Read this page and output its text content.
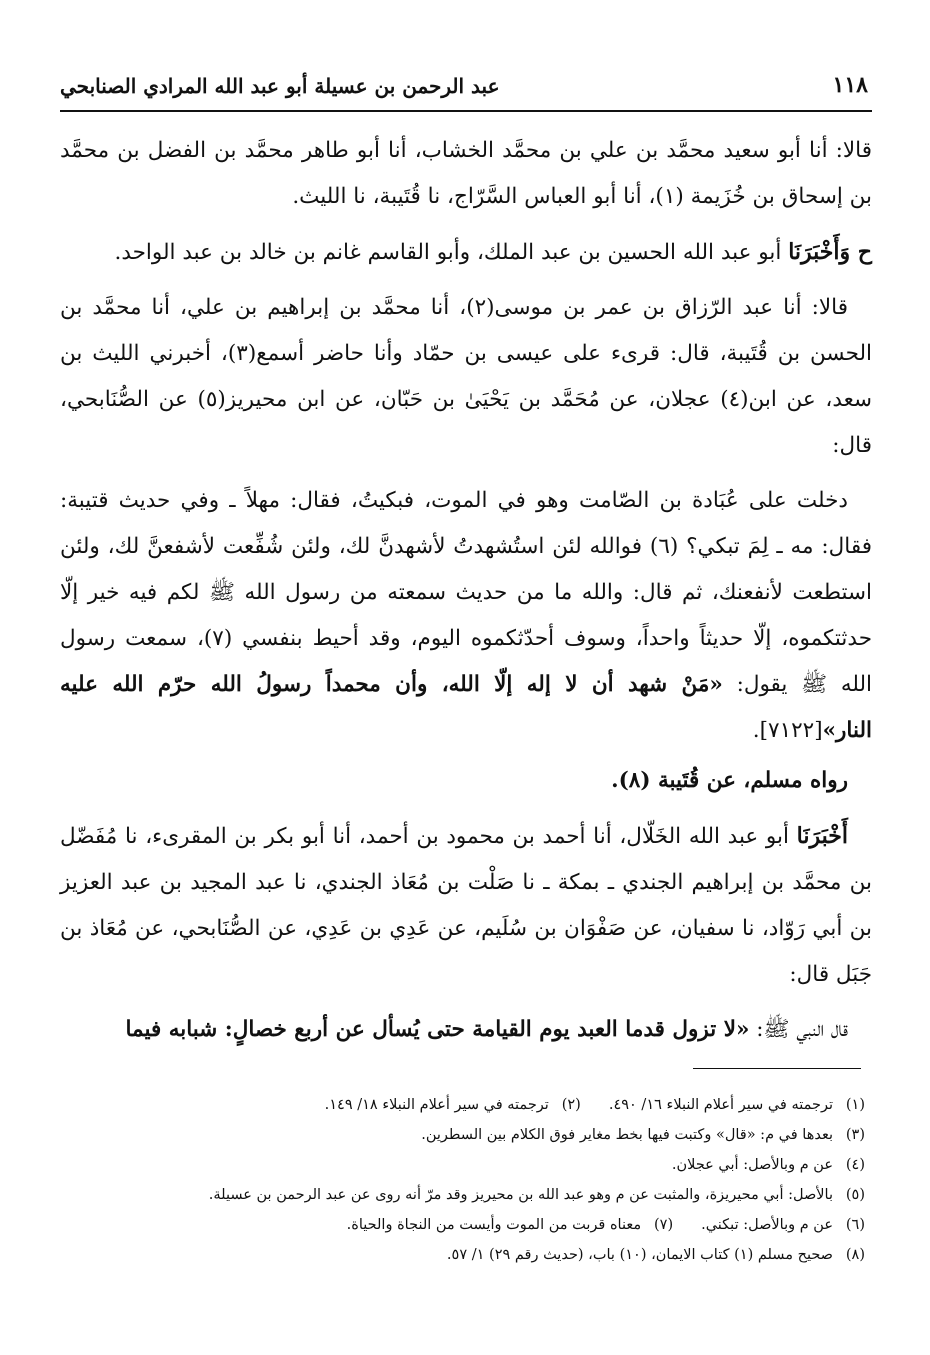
١١٨
عبد الرحمن بن عسيلة أبو عبد الله المرادي الصنابحي

قالا: أنا أبو سعيد محمَّد بن علي بن محمَّد الخشاب، أنا أبو طاهر محمَّد بن الفضل بن محمَّد بن إسحاق بن خُزَيمة (١)، أنا أبو العباس السَّرّاج، نا قُتَيبة، نا الليث.

ح وَأَخْبَرَنَا أبو عبد الله الحسين بن عبد الملك، وأبو القاسم غانم بن خالد بن عبد الواحد.

قالا: أنا عبد الرّزاق بن عمر بن موسى(٢)، أنا محمَّد بن إبراهيم بن علي، أنا محمَّد بن الحسن بن قُتَيبة، قال: قرىء على عيسى بن حمّاد وأنا حاضر أسمع(٣)، أخبرني الليث بن سعد، عن ابن(٤) عجلان، عن مُحَمَّد بن يَحْيَىٰ بن حَبّان، عن ابن محيريز(٥) عن الصُّنَابحي، قال:

دخلت على عُبَادة بن الصّامت وهو في الموت، فبكيتُ، فقال: مهلاً ـ وفي حديث قتيبة: فقال: مه ـ لِمَ تبكي؟ (٦) فوالله لئن استُشهدتُ لأشهدنَّ لك، ولئن شُفِّعت لأشفعنَّ لك، ولئن استطعت لأنفعنك، ثم قال: والله ما من حديث سمعته من رسول الله ﷺ لكم فيه خير إلّا حدثتكموه، إلّا حديثاً واحداً، وسوف أحدّثكموه اليوم، وقد أحيط بنفسي (٧)، سمعت رسول الله ﷺ يقول: «مَنْ شهد أن لا إله إلّا الله، وأن محمداً رسولُ الله حرّم الله عليه النار»[٧١٢٢].

رواه مسلم، عن قُتَيبة (٨).

أَخْبَرَنَا أبو عبد الله الخَلّال، أنا أحمد بن محمود بن أحمد، أنا أبو بكر بن المقرىء، نا مُفَضّل بن محمَّد بن إبراهيم الجندي ـ بمكة ـ نا صَلْت بن مُعَاذ الجندي، نا عبد المجيد بن عبد العزيز بن أبي رَوّاد، نا سفيان، عن صَفْوَان بن سُلَيم، عن عَدِي بن عَدِي، عن الصُّنَابحي، عن مُعَاذ بن جَبَل قال:

قال النبي ﷺ: «لا تزول قدما العبد يوم القيامة حتى يُسأل عن أربع خصالٍ: شبابه فيما

(١)ترجمته في سير أعلام النبلاء ١٦/ ٤٩٠.(٢)ترجمته في سير أعلام النبلاء ١٨/ ١٤٩.
(٣)بعدها في م: «قال» وكتبت فيها بخط مغاير فوق الكلام بين السطرين.
(٤)عن م وبالأصل: أبي عجلان.
(٥)بالأصل: أبي محيريزة، والمثبت عن م وهو عبد الله بن محيريز وقد مرّ أنه روى عن عبد الرحمن بن عسيلة.
(٦)عن م وبالأصل: تبكني.(٧)معناه قربت من الموت وأيست من النجاة والحياة.
(٨)صحيح مسلم (١) كتاب الايمان، (١٠) باب، (حديث رقم ٢٩) ١/ ٥٧.
